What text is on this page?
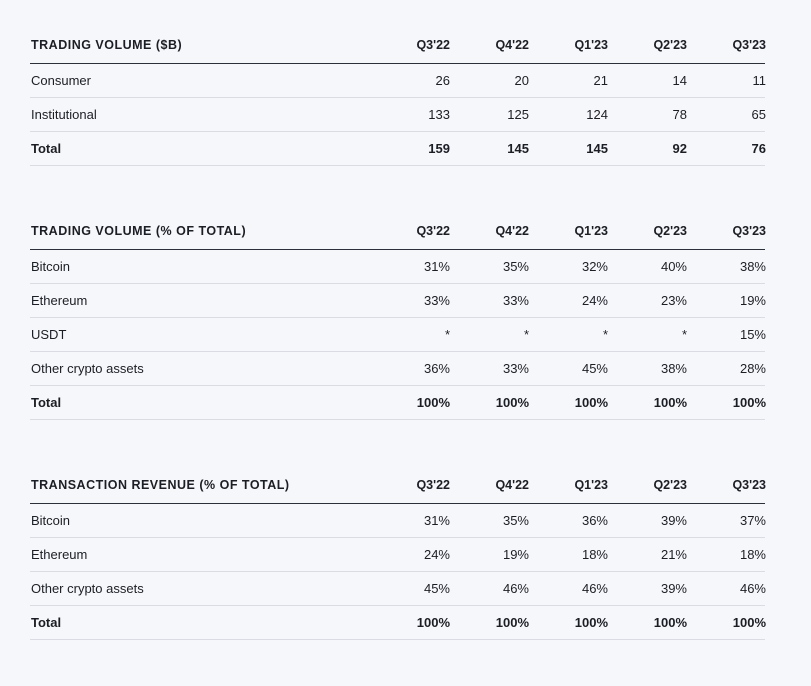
TRADING VOLUME ($B)	Q3'22	Q4'22	Q1'23	Q2'23	Q3'23
Consumer	26	20	21	14	11
Institutional	133	125	124	78	65
Total	159	145	145	92	76
TRADING VOLUME (% OF TOTAL)	Q3'22	Q4'22	Q1'23	Q2'23	Q3'23
Bitcoin	31%	35%	32%	40%	38%
Ethereum	33%	33%	24%	23%	19%
USDT	*	*	*	*	15%
Other crypto assets	36%	33%	45%	38%	28%
Total	100%	100%	100%	100%	100%
TRANSACTION REVENUE (% OF TOTAL)	Q3'22	Q4'22	Q1'23	Q2'23	Q3'23
Bitcoin	31%	35%	36%	39%	37%
Ethereum	24%	19%	18%	21%	18%
Other crypto assets	45%	46%	46%	39%	46%
Total	100%	100%	100%	100%	100%
